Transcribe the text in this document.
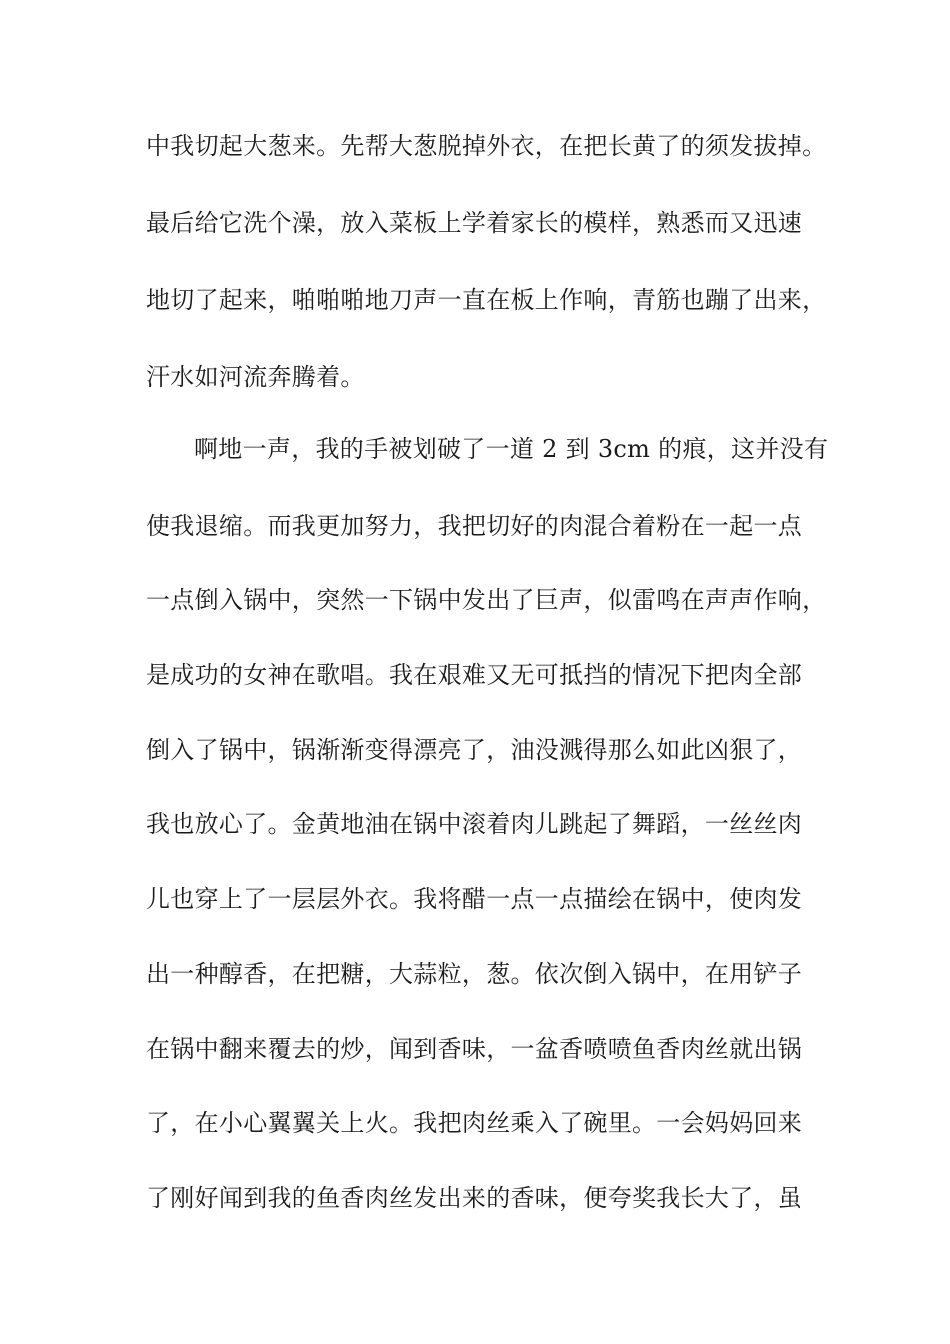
中我切起大葱来。先帮大葱脱掉外衣，在把长黄了的须发拔掉。
最后给它洗个澡，放入菜板上学着家长的模样，熟悉而又迅速
地切了起来，啪啪啪地刀声一直在板上作响，青筋也蹦了出来，
汗水如河流奔腾着。
啊地一声，我的手被划破了一道 2 到 3cm 的痕，这并没有
使我退缩。而我更加努力，我把切好的肉混合着粉在一起一点
一点倒入锅中，突然一下锅中发出了巨声，似雷鸣在声声作响，
是成功的女神在歌唱。我在艰难又无可抵挡的情况下把肉全部
倒入了锅中，锅渐渐变得漂亮了，油没溅得那么如此凶狠了，
我也放心了。金黄地油在锅中滚着肉儿跳起了舞蹈，一丝丝肉
儿也穿上了一层层外衣。我将醋一点一点描绘在锅中，使肉发
出一种醇香，在把糖，大蒜粒，葱。依次倒入锅中，在用铲子
在锅中翻来覆去的炒，闻到香味，一盆香喷喷鱼香肉丝就出锅
了，在小心翼翼关上火。我把肉丝乘入了碗里。一会妈妈回来
了刚好闻到我的鱼香肉丝发出来的香味，便夸奖我长大了，虽
